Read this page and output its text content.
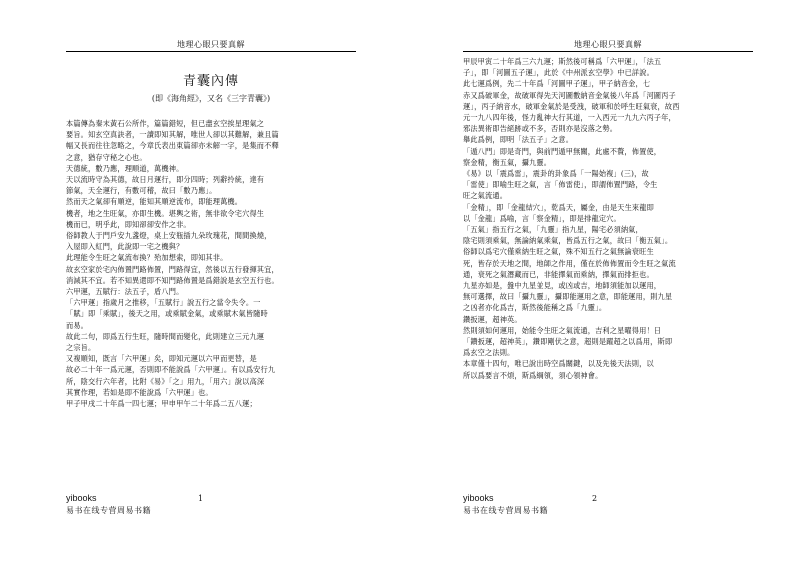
地理心眼只要真解
青囊內傳
(即《海角經》，又名《三字青囊》)

本篇傳為秦末黃石公所作，篇篇錯短，但已盡玄空挨星理氣之

要旨。知玄空真訣者，一讀即知其解，唯世人卻以其難解，兼且篇

幅又長而往往忽略之，今章氏表出東篇卻亦未解一字，是集而不釋

之意，猶存守秘之心也。

天德統，數乃應，理順道，萬機神。

天以流時守為其德，故日月運行，即分四時；列辭拎統，達有

節氣，天全運行，有數可稽，故曰「數乃應」。

然而天之氣卻有順逆，能知其順逆流布，即能理萬機。

機者，地之生旺氣，亦即生機。堪輿之術，無非欲令宅穴得生

機而已，明乎此，即知卻卻安作之非。

俗師教人于門戶安九盞燈，桌上安瓶插九朵玫瑰花，間間換燒，

入屋即入紅門，此說即一宅之機與？

此理能令生旺之氣流布換？殆加想索，即知其非。

故玄空家於宅內佈置門路佈置，門路得宜，然後以五行發揮其宜，

消減其不宜。若不知異還即不知門路佈置是爲錯說是玄空五行也。

六甲運，五賦行：法五子，盾八門。

「六甲運」指歲月之推移，「五賦行」說五行之當令失令。一

「賦」即「乘賦」，後天之用，或乘賦金氣，或乘賦木氣皆隨時

而易。

故此二句，即爲五行生旺，隨時間而變化，此則建立三元九運

之宗旨。

又複順知，既言「六甲運」矣，即知元運以六甲而更替，是

故必二十年一爲元運，否則即不能說爲「六甲運」。有以爲安行九

所，陰交行六年者，比附《易》「之」用九，「用六」說以高深

其實作理，若如是即不能說爲「六甲運」也。

甲子甲戌二十年爲一四七運；甲申甲午二十年爲二五八運；

1
yibooks
易书在线专营周易书籍
地理心眼只要真解

甲辰甲寅二十年爲三六九運；斯然後可稱爲「六甲運」，「法五

子」，即「河圖五子運」，此於《中州派玄空學》中已詳說。

此七運爲例，先二十年爲「河圖甲子運」，甲子納音金，七

赤又爲破軍金，故破軍得先天河圖數納音金氣後八年爲「河圖丙子

運」，丙子納音水，破軍金氣於是受洩，破軍和於呼生旺氣衰，故西

元一九八四年後，怪力亂神大行其道，一入西元一九九六丙子年，

邪法異術即告絕跡或不多，否則亦是沒落之勢。

舉此爲例，即明「法五子」之意。

「遁八門」即是奇門，與前門遁甲無關，此處不贅，佈置使，

察金精，衡五氣，攝九靈。

《易》以「震爲雷」，震卦的卦象爲「一陽始複」(三)，故

「雷使」即喻生旺之氣，言「佈雷使」，即謂佈置門路，令生

旺之氣流通。

「金精」，即「金龍結穴」，乾爲天，屬金，由是天生來龍即

以「金龍」爲喻，言「察金精」，即是排龍定穴。

「五氣」指五行之氣，「九靈」指九星，陽宅必須納氣，

陰宅則須乘氣，無論納氣乘氣，皆爲五行之氣，故曰「衡五氣」。

俗師以爲宅穴僅乘納生旺之氣，殊不知五行之氣無論衰旺生

死，皆存於天地之間，地師之作用，僅在於佈佈置而令生旺之氣流

通，衰死之氣潛藏而已，非能擇氣而乘納，擇氣而排拒也。

九星亦如是，盤中九星並見，或凶或吉，地師須能加以運用，

無可選擇，故曰「攝九靈」，攝即能運用之意，即能運用，則九星

之凶者亦化爲吉，斯然後能稱之爲「九靈」。

鑽扳運，超神英。

然則須如何運用，始能令生旺之氣流通，吉利之星曜得用！日

「鑽扳運，超神英」，鑽即剛伏之意，超則是躍超之以爲用，斯即

爲玄空之法則。

本章僅十四句，唯已說出時空爲關鍵，以及先後天法則，以

所以爲要言不煩，斯爲綱領，須心領神會。

2
yibooks
易书在线专营周易书籍
